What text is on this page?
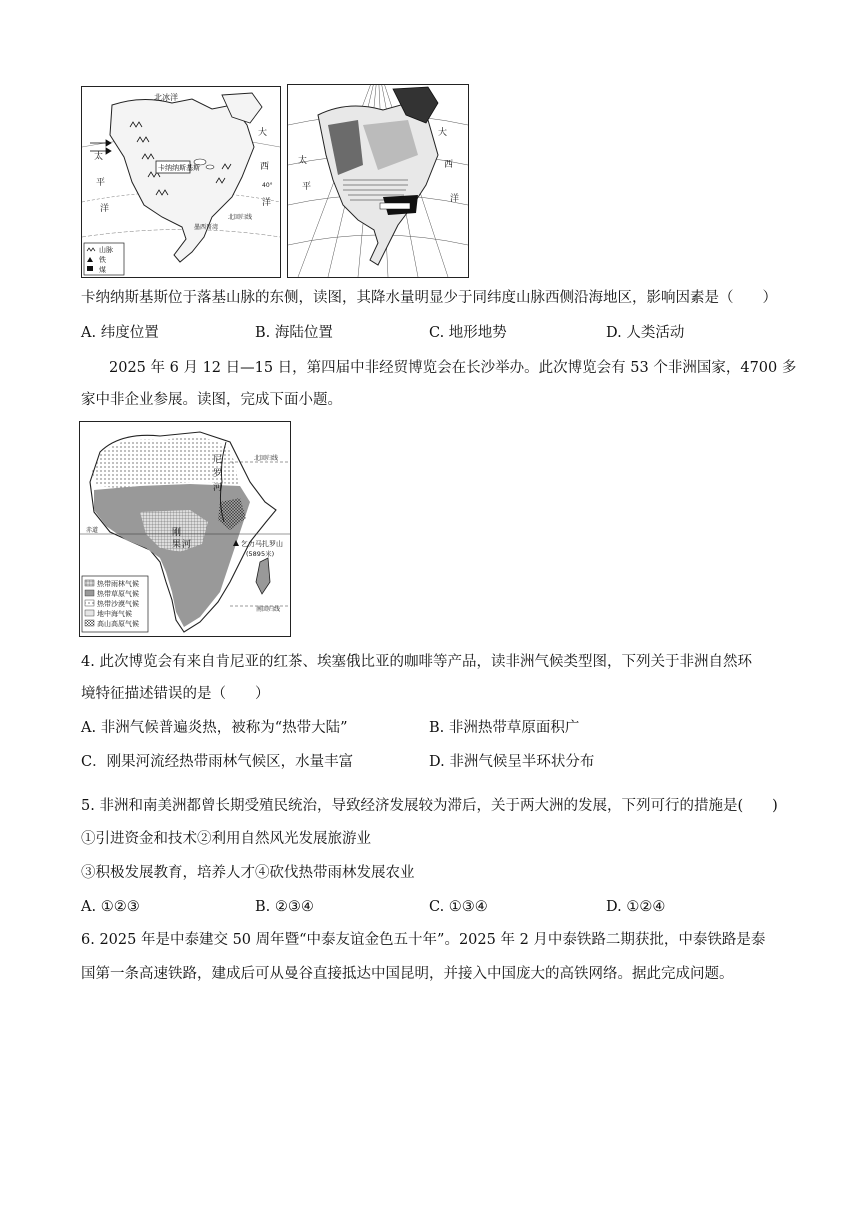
卡纳纳斯基斯
北冰洋
太
平
洋
大
西
洋
墨西哥湾
北回归线
40°
山脉
铁
煤
大
西
洋
太
平
卡纳纳斯基斯位于落基山脉的东侧，读图，其降水量明显少于同纬度山脉西侧沿海地区，影响因素是（　　）
A. 纬度位置	B. 海陆位置	C. 地形地势	D. 人类活动
2025 年 6 月 12 日—15 日，第四届中非经贸博览会在长沙举办。此次博览会有 53 个非洲国家，4700 多
家中非企业参展。读图，完成下面小题。
尼
罗
河
刚
果 河	乞力马扎罗山
(5895米)
北回归线
南回归线
赤道
热带雨林气候
热带草原气候
热带沙漠气候
地中海气候
高山高原气候
4. 此次博览会有来自肯尼亚的红茶、埃塞俄比亚的咖啡等产品，读非洲气候类型图，下列关于非洲自然环
境特征描述错误的是（　　）
A. 非洲气候普遍炎热，被称为“热带大陆”	B. 非洲热带草原面积广
C．刚果河流经热带雨林气候区，水量丰富	D. 非洲气候呈半环状分布
5. 非洲和南美洲都曾长期受殖民统治，导致经济发展较为滞后，关于两大洲的发展，下列可行的措施是(　　)
①引进资金和技术②利用自然风光发展旅游业
③积极发展教育，培养人才④砍伐热带雨林发展农业
A. ①②③	B. ②③④	C. ①③④	D. ①②④
6. 2025 年是中泰建交 50 周年暨“中泰友谊金色五十年”。2025 年 2 月中泰铁路二期获批，中泰铁路是泰
国第一条高速铁路，建成后可从曼谷直接抵达中国昆明，并接入中国庞大的高铁网络。据此完成问题。
